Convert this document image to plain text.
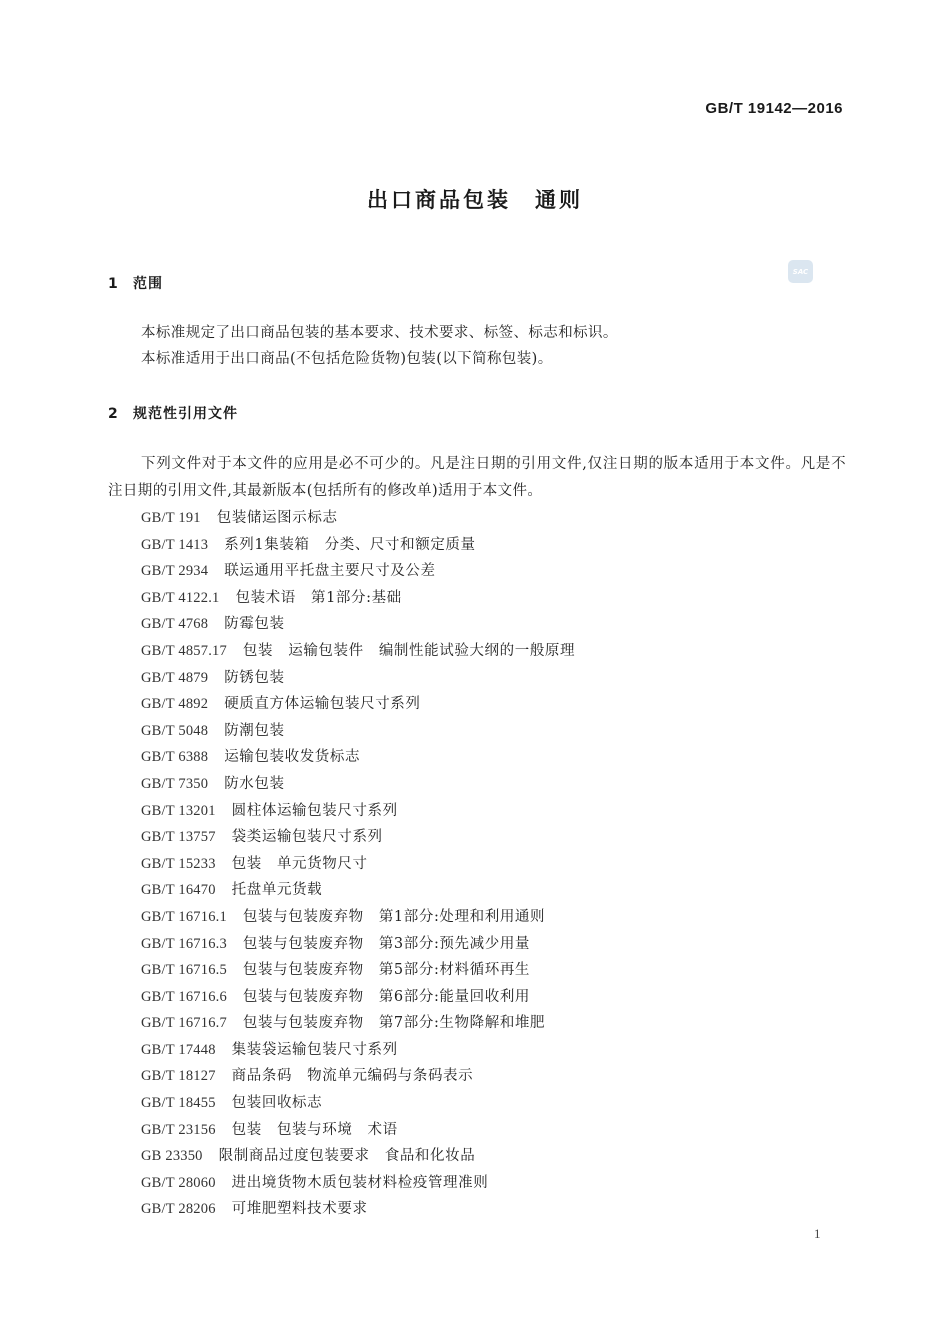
GB/T 19142—2016
出口商品包装　通则
SAC
1 范围

本标准规定了出口商品包装的基本要求、技术要求、标签、标志和标识。

本标准适用于出口商品(不包括危险货物)包装(以下简称包装)。

2 规范性引用文件

下列文件对于本文件的应用是必不可少的。凡是注日期的引用文件,仅注日期的版本适用于本文件。凡是不注日期的引用文件,其最新版本(包括所有的修改单)适用于本文件。

GB/T 191 包装储运图示标志
GB/T 1413 系列1集装箱　分类、尺寸和额定质量
GB/T 2934 联运通用平托盘主要尺寸及公差
GB/T 4122.1 包装术语　第1部分:基础
GB/T 4768 防霉包装
GB/T 4857.17 包装　运输包装件　编制性能试验大纲的一般原理
GB/T 4879 防锈包装
GB/T 4892 硬质直方体运输包装尺寸系列
GB/T 5048 防潮包装
GB/T 6388 运输包装收发货标志
GB/T 7350 防水包装
GB/T 13201 圆柱体运输包装尺寸系列
GB/T 13757 袋类运输包装尺寸系列
GB/T 15233 包装　单元货物尺寸
GB/T 16470 托盘单元货载
GB/T 16716.1 包装与包装废弃物　第1部分:处理和利用通则
GB/T 16716.3 包装与包装废弃物　第3部分:预先减少用量
GB/T 16716.5 包装与包装废弃物　第5部分:材料循环再生
GB/T 16716.6 包装与包装废弃物　第6部分:能量回收利用
GB/T 16716.7 包装与包装废弃物　第7部分:生物降解和堆肥
GB/T 17448 集装袋运输包装尺寸系列
GB/T 18127 商品条码　物流单元编码与条码表示
GB/T 18455 包装回收标志
GB/T 23156 包装　包装与环境　术语
GB 23350 限制商品过度包装要求　食品和化妆品
GB/T 28060 进出境货物木质包装材料检疫管理准则
GB/T 28206 可堆肥塑料技术要求
1
